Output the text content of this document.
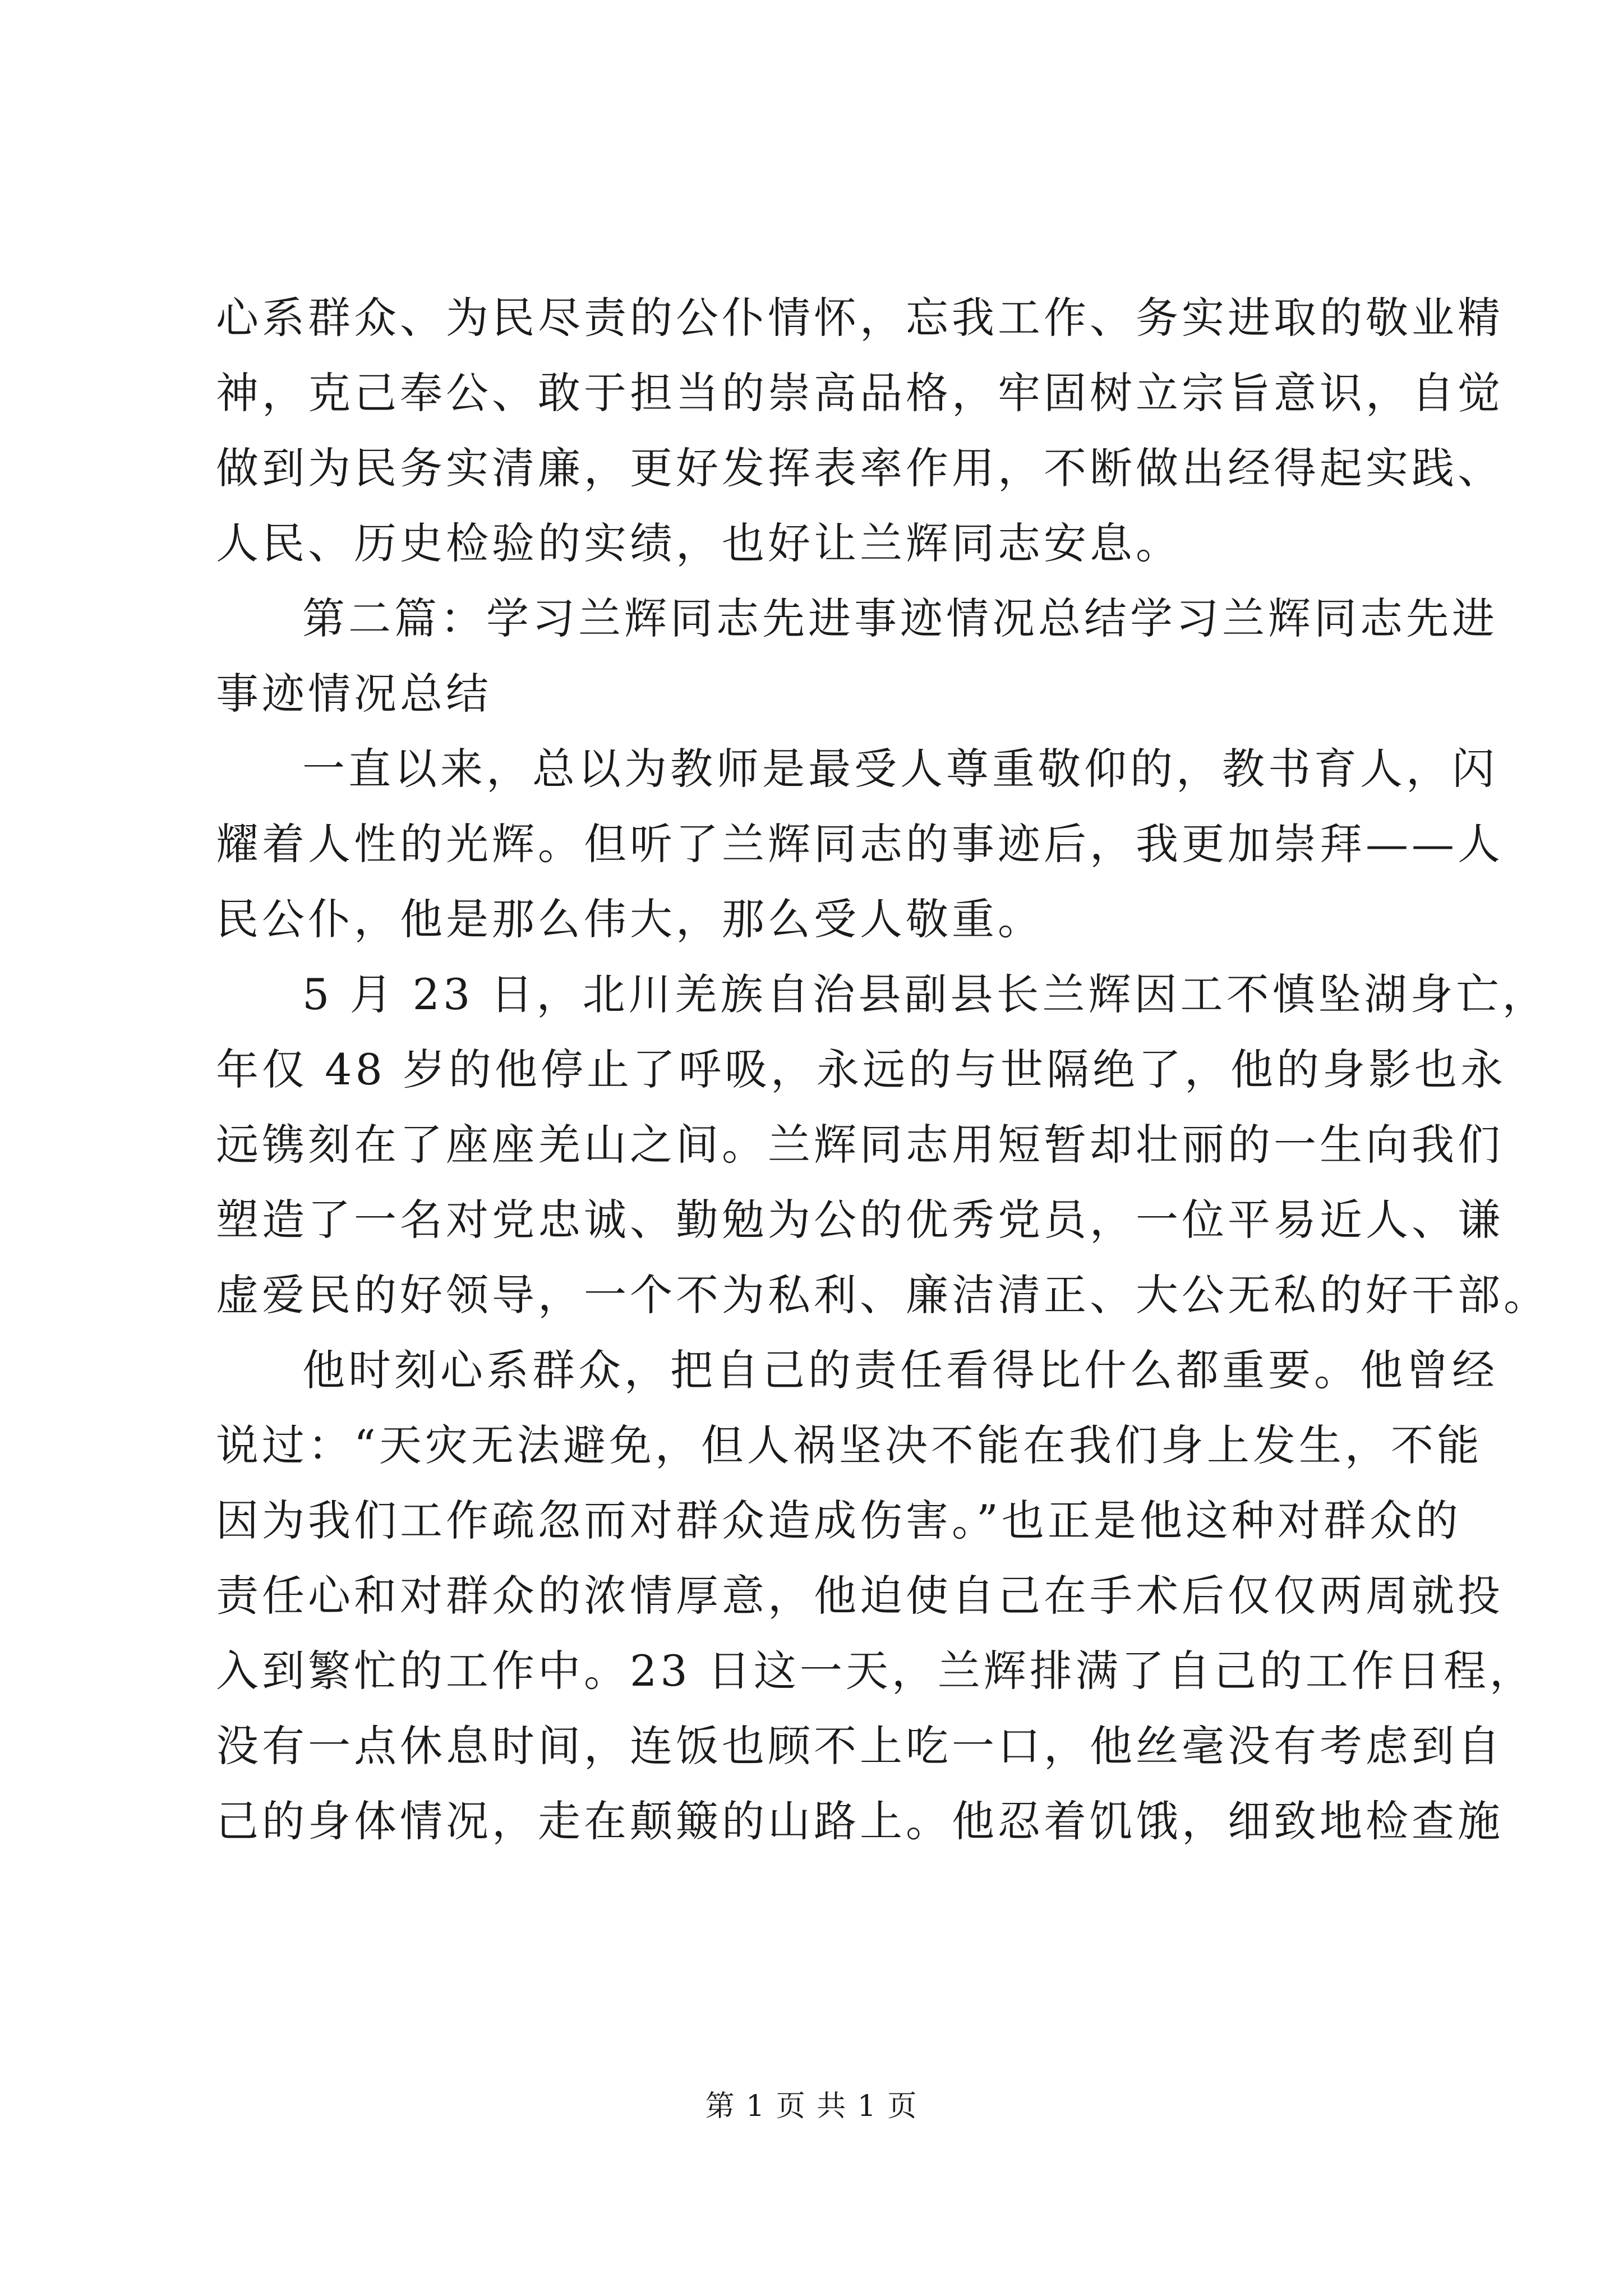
心系群众、为民尽责的公仆情怀，忘我工作、务实进取的敬业精
神，克己奉公、敢于担当的崇高品格，牢固树立宗旨意识，自觉
做到为民务实清廉，更好发挥表率作用，不断做出经得起实践、
人民、历史检验的实绩，也好让兰辉同志安息。
第二篇：学习兰辉同志先进事迹情况总结学习兰辉同志先进
事迹情况总结
一直以来，总以为教师是最受人尊重敬仰的，教书育人，闪
耀着人性的光辉。但听了兰辉同志的事迹后，我更加崇拜——人
民公仆，他是那么伟大，那么受人敬重。
5 月 23 日，北川羌族自治县副县长兰辉因工不慎坠湖身亡，
年仅 48 岁的他停止了呼吸，永远的与世隔绝了，他的身影也永
远镌刻在了座座羌山之间。兰辉同志用短暂却壮丽的一生向我们
塑造了一名对党忠诚、勤勉为公的优秀党员，一位平易近人、谦
虚爱民的好领导，一个不为私利、廉洁清正、大公无私的好干部。
他时刻心系群众，把自己的责任看得比什么都重要。他曾经
说过：“天灾无法避免，但人祸坚决不能在我们身上发生，不能
因为我们工作疏忽而对群众造成伤害。”也正是他这种对群众的
责任心和对群众的浓情厚意，他迫使自己在手术后仅仅两周就投
入到繁忙的工作中。23 日这一天，兰辉排满了自己的工作日程，
没有一点休息时间，连饭也顾不上吃一口，他丝毫没有考虑到自
己的身体情况，走在颠簸的山路上。他忍着饥饿，细致地检查施
第 1 页 共 1 页
